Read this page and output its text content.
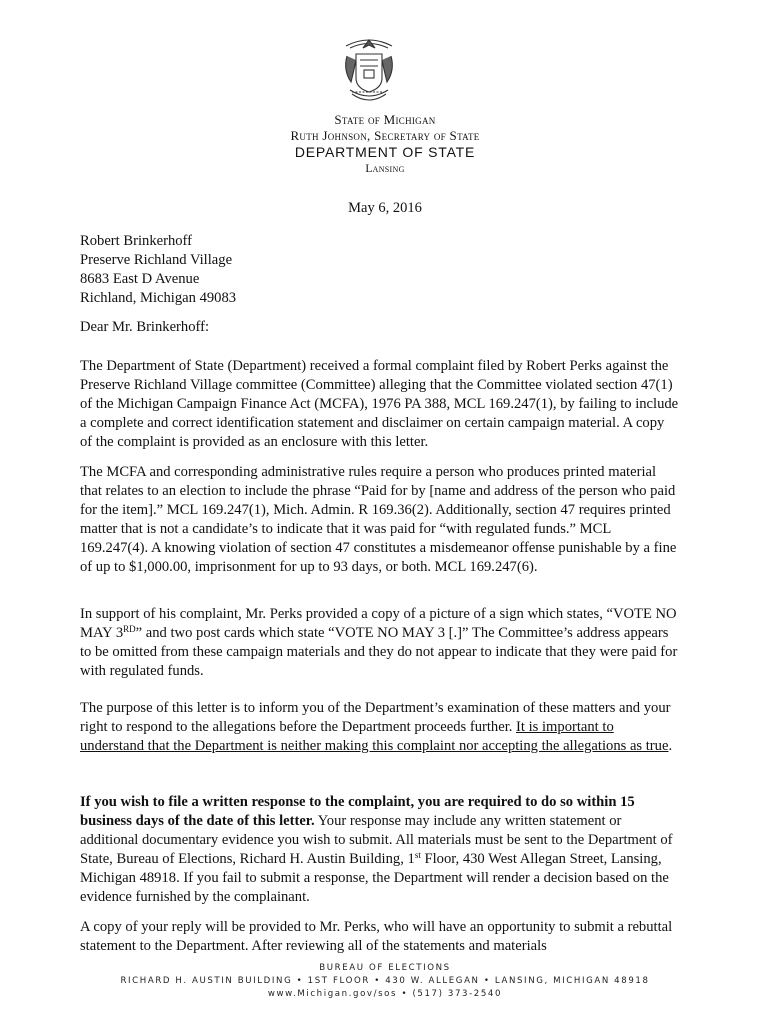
State of Michigan
Ruth Johnson, Secretary of State
DEPARTMENT OF STATE
Lansing
May 6, 2016
Robert Brinkerhoff
Preserve Richland Village
8683 East D Avenue
Richland, Michigan 49083
Dear Mr. Brinkerhoff:

The Department of State (Department) received a formal complaint filed by Robert Perks against the Preserve Richland Village committee (Committee) alleging that the Committee violated section 47(1) of the Michigan Campaign Finance Act (MCFA), 1976 PA 388, MCL 169.247(1), by failing to include a complete and correct identification statement and disclaimer on certain campaign material. A copy of the complaint is provided as an enclosure with this letter.

The MCFA and corresponding administrative rules require a person who produces printed material that relates to an election to include the phrase “Paid for by [name and address of the person who paid for the item].” MCL 169.247(1), Mich. Admin. R 169.36(2). Additionally, section 47 requires printed matter that is not a candidate’s to indicate that it was paid for “with regulated funds.” MCL 169.247(4). A knowing violation of section 47 constitutes a misdemeanor offense punishable by a fine of up to $1,000.00, imprisonment for up to 93 days, or both. MCL 169.247(6).

In support of his complaint, Mr. Perks provided a copy of a picture of a sign which states, “VOTE NO MAY 3RD” and two post cards which state “VOTE NO MAY 3 [.]” The Committee’s address appears to be omitted from these campaign materials and they do not appear to indicate that they were paid for with regulated funds.

The purpose of this letter is to inform you of the Department’s examination of these matters and your right to respond to the allegations before the Department proceeds further. It is important to understand that the Department is neither making this complaint nor accepting the allegations as true.

If you wish to file a written response to the complaint, you are required to do so within 15 business days of the date of this letter. Your response may include any written statement or additional documentary evidence you wish to submit. All materials must be sent to the Department of State, Bureau of Elections, Richard H. Austin Building, 1st Floor, 430 West Allegan Street, Lansing, Michigan 48918. If you fail to submit a response, the Department will render a decision based on the evidence furnished by the complainant.

A copy of your reply will be provided to Mr. Perks, who will have an opportunity to submit a rebuttal statement to the Department. After reviewing all of the statements and materials

BUREAU OF ELECTIONS
RICHARD H. AUSTIN BUILDING • 1ST FLOOR • 430 W. ALLEGAN • LANSING, MICHIGAN 48918
www.Michigan.gov/sos • (517) 373-2540
